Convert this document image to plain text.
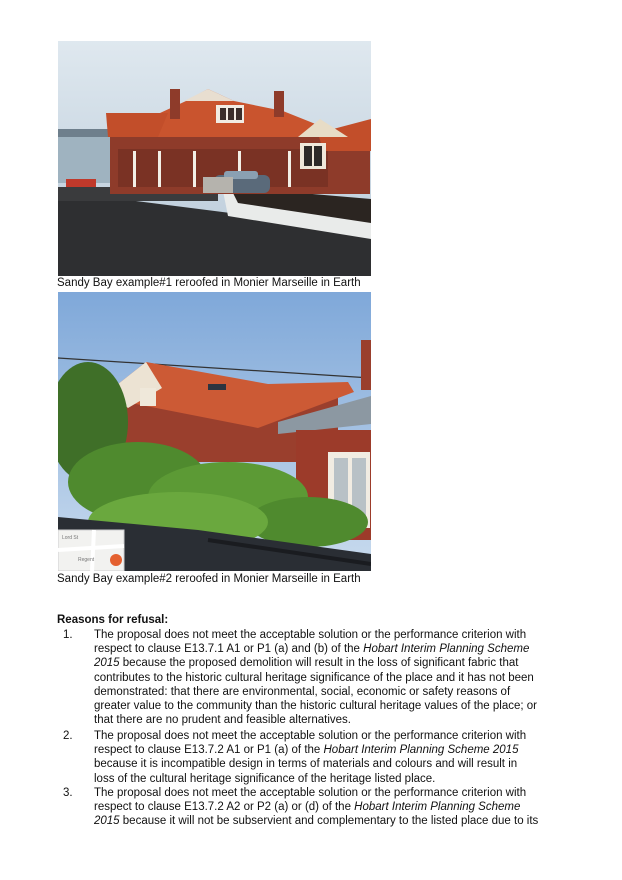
Sandy Bay example#1 reroofed in Monier Marseille in Earth
Lord St
Regent
Sandy Bay example#2 reroofed in Monier Marseille in Earth
Reasons for refusal:
1. The proposal does not meet the acceptable solution or the performance criterion with
respect to clause E13.7.1 A1 or P1 (a) and (b) of the Hobart Interim Planning Scheme
2015 because the proposed demolition will result in the loss of significant fabric that
contributes to the historic cultural heritage significance of the place and it has not been
demonstrated: that there are environmental, social, economic or safety reasons of
greater value to the community than the historic cultural heritage values of the place; or
that there are no prudent and feasible alternatives.
2. The proposal does not meet the acceptable solution or the performance criterion with
respect to clause E13.7.2 A1 or P1 (a) of the Hobart Interim Planning Scheme 2015
because it is incompatible design in terms of materials and colours and will result in
loss of the cultural heritage significance of the heritage listed place.
3. The proposal does not meet the acceptable solution or the performance criterion with
respect to clause E13.7.2 A2 or P2 (a) or (d) of the Hobart Interim Planning Scheme
2015 because it will not be subservient and complementary to the listed place due to its
